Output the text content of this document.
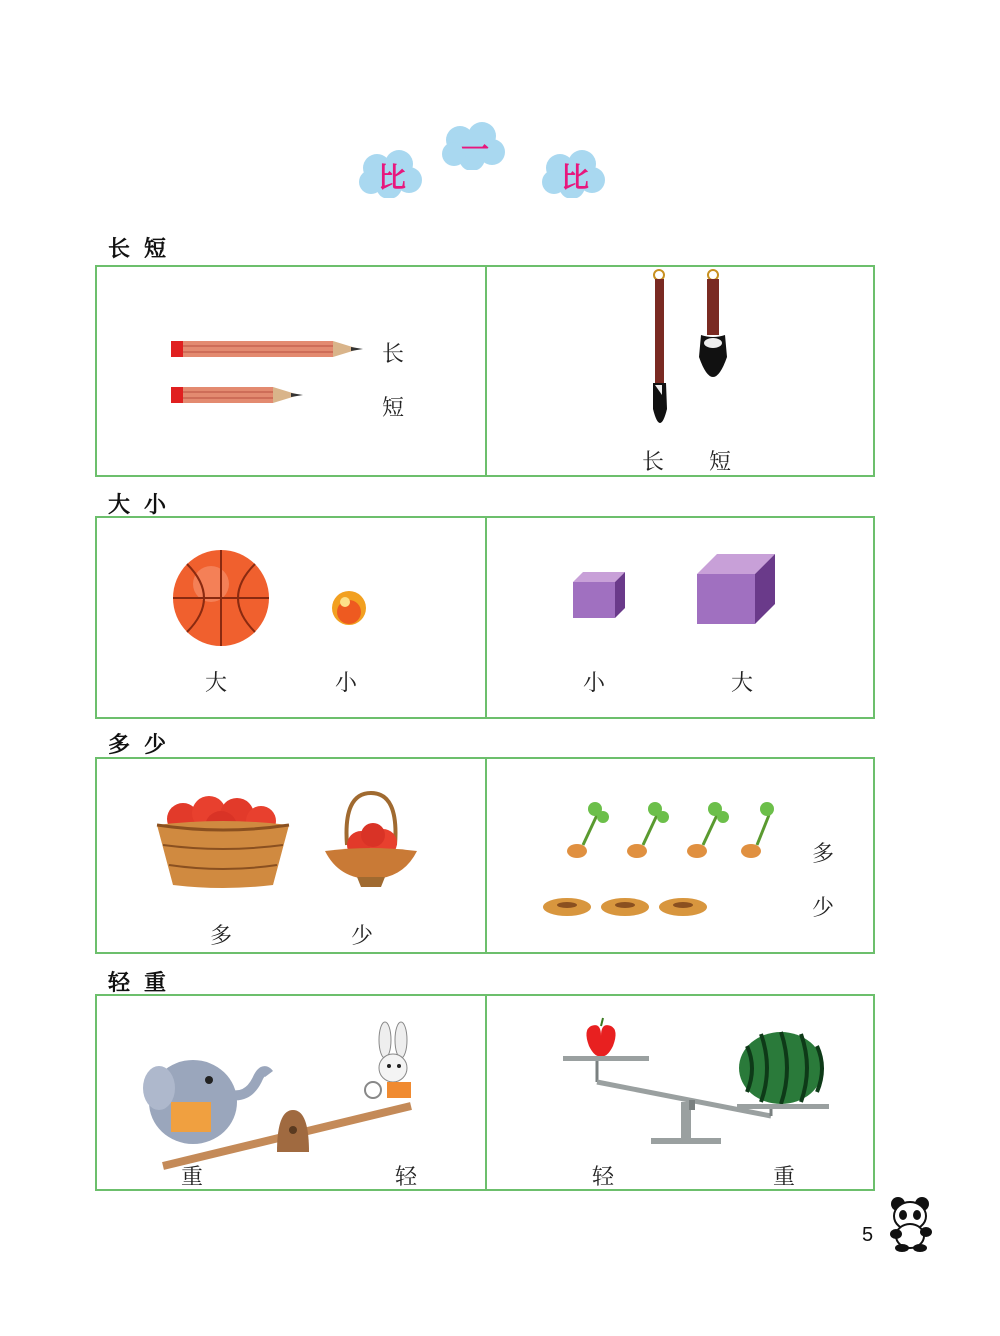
比
一
比
长短
长
短
长 短
大小
大	小	小	大
多少
多	少
多
少
轻重
重	轻	轻	重
5
